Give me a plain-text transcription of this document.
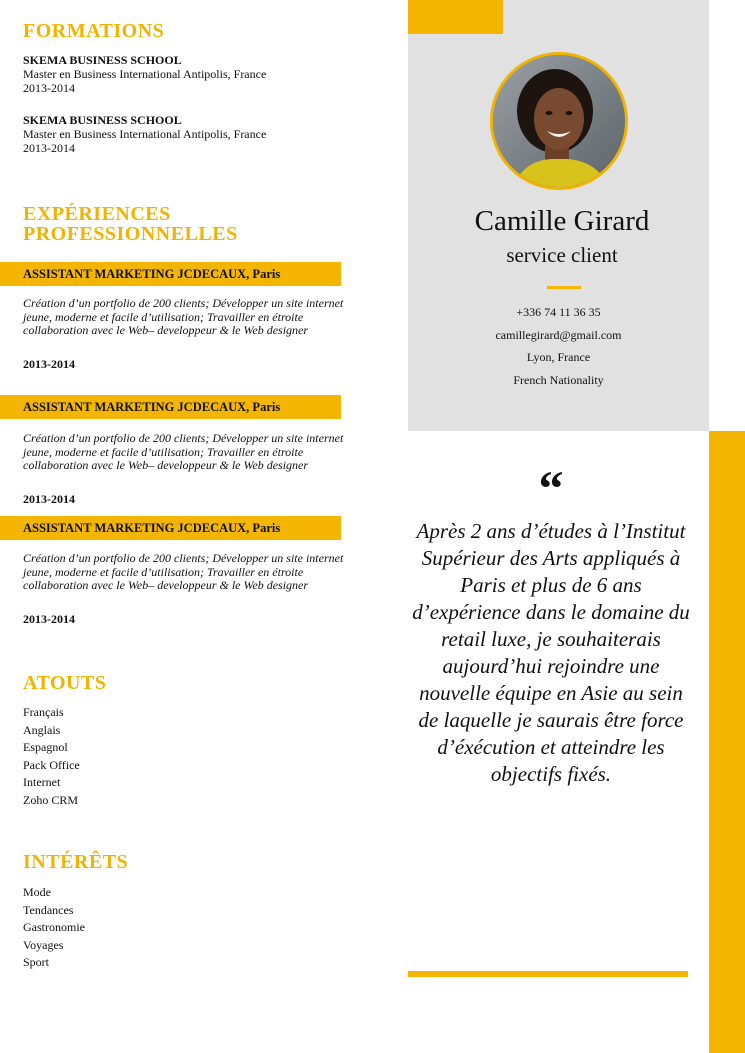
FORMATIONS
SKEMA BUSINESS SCHOOL
Master en Business International Antipolis, France
2013-2014
SKEMA BUSINESS SCHOOL
Master en Business International Antipolis, France
2013-2014
EXPÉRIENCES
PROFESSIONNELLES
ASSISTANT MARKETING JCDECAUX, Paris
Création d’un portfolio de 200 clients; Développer un site internet jeune, moderne et facile d’utilisation; Travailler en étroite collaboration avec le Web– developpeur & le Web designer
2013-2014
ASSISTANT MARKETING JCDECAUX, Paris
Création d’un portfolio de 200 clients; Développer un site internet jeune, moderne et facile d’utilisation; Travailler en étroite collaboration avec le Web– developpeur & le Web designer
2013-2014
ASSISTANT MARKETING JCDECAUX, Paris
Création d’un portfolio de 200 clients; Développer un site internet jeune, moderne et facile d’utilisation; Travailler en étroite collaboration avec le Web– developpeur & le Web designer
2013-2014
ATOUTS
Français
Anglais
Espagnol
Pack Office
Internet
Zoho CRM
INTÉRÊTS
Mode
Tendances
Gastronomie
Voyages
Sport
Camille Girard
service client
+336 74 11 36 35
camillegirard@gmail.com
Lyon, France
French Nationality
“
Après 2 ans d’études à l’Institut Supérieur des Arts appliqués à Paris et plus de 6 ans d’expérience dans le domaine du retail luxe, je souhaiterais aujourd’hui rejoindre une nouvelle équipe en Asie au sein de laquelle je saurais être force d’éxécution et atteindre les objectifs fixés.
